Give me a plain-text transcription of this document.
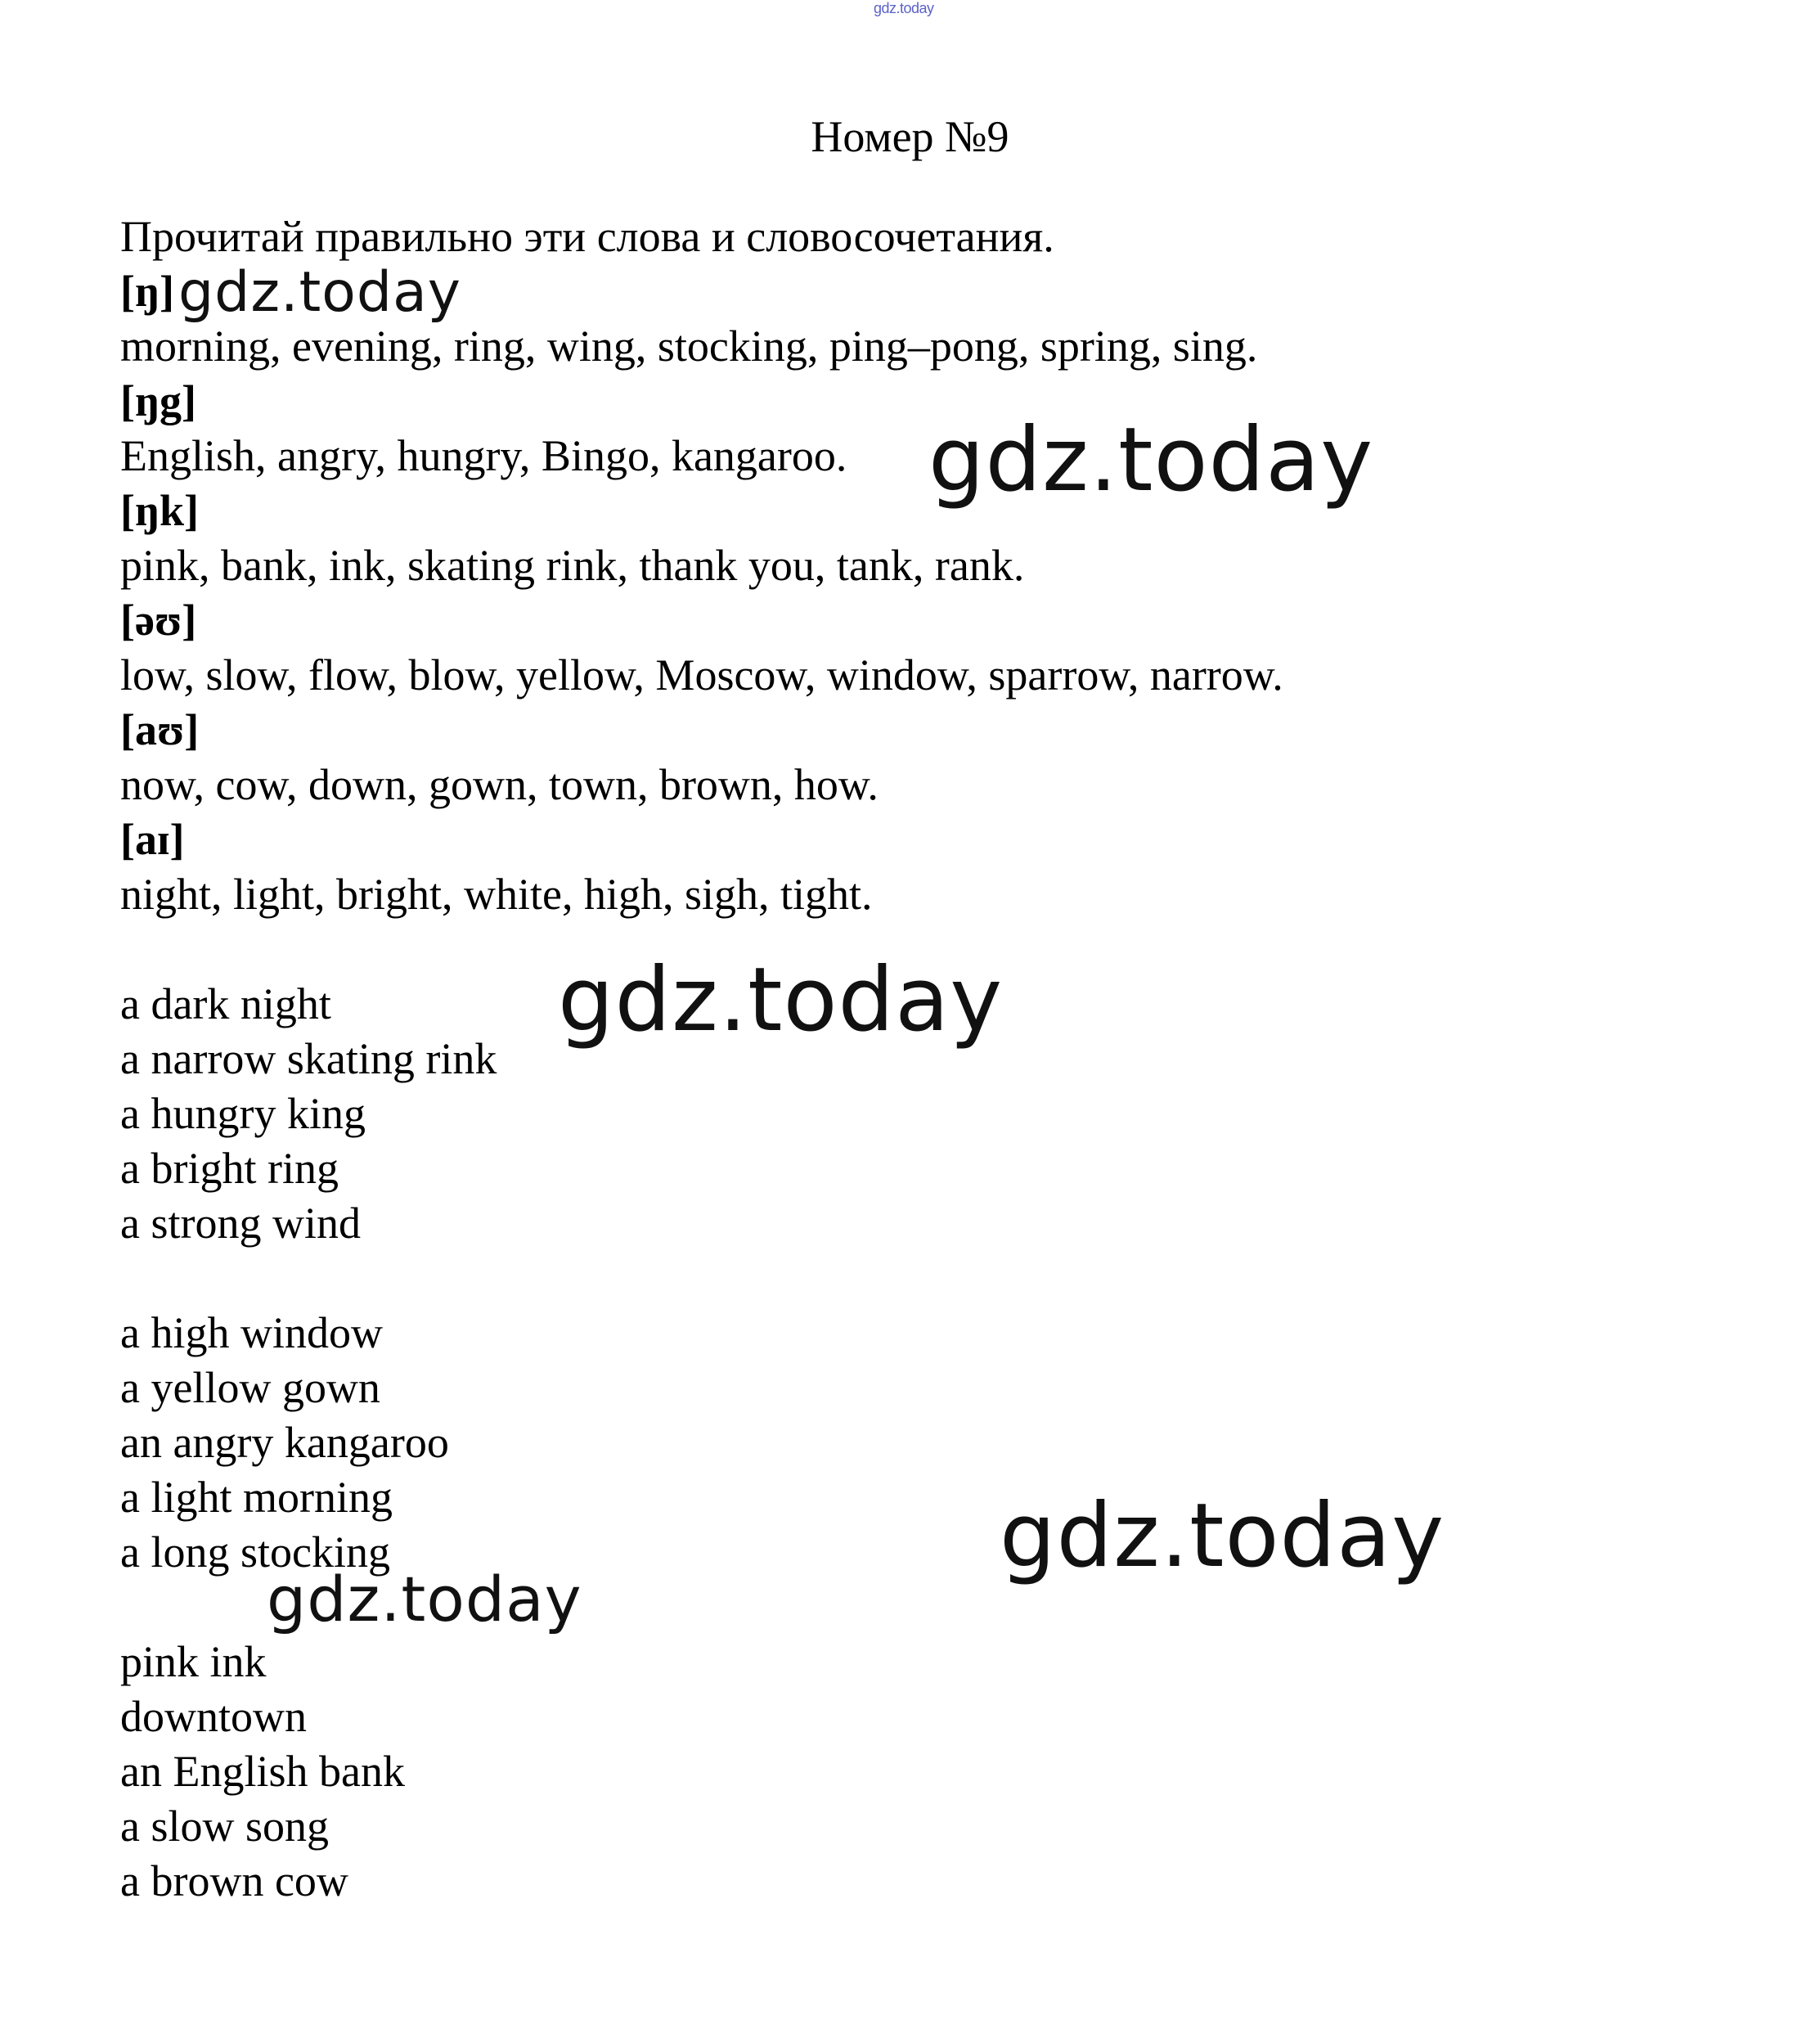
gdz.today
Номер №9
Прочитай правильно эти слова и словосочетания.
[ŋ]
morning, evening, ring, wing, stocking, ping–pong, spring, sing.
[ŋg]
English, angry, hungry, Bingo, kangaroo.
[ŋk]
pink, bank, ink, skating rink, thank you, tank, rank.
[əʊ]
low, slow, flow, blow, yellow, Moscow, window, sparrow, narrow.
[aʊ]
now, cow, down, gown, town, brown, how.
[aɪ]
night, light, bright, white, high, sigh, tight.
a dark night
a narrow skating rink
a hungry king
a bright ring
a strong wind
a high window
a yellow gown
an angry kangaroo
a light morning
a long stocking
pink ink
downtown
an English bank
a slow song
a brown cow
gdz.today
gdz.today
gdz.today
gdz.today
gdz.today
